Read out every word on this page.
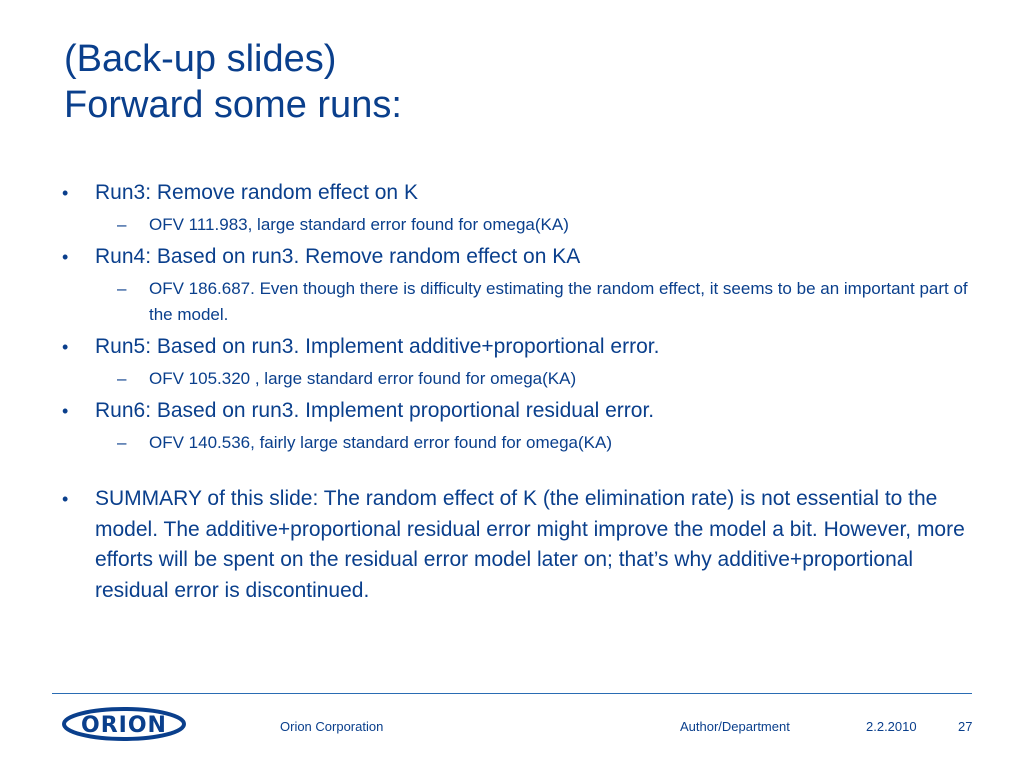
(Back-up slides)
Forward some runs:
• Run3: Remove random effect on K
– OFV 111.983, large standard error found for omega(KA)
• Run4: Based on run3. Remove random effect on KA
– OFV 186.687. Even though there is difficulty estimating the random effect, it seems to be an important part of the model.
• Run5: Based on run3. Implement additive+proportional error.
– OFV 105.320 , large standard error found for omega(KA)
• Run6: Based on run3. Implement proportional residual error.
– OFV 140.536, fairly large standard error found for omega(KA)
• SUMMARY of this slide: The random effect of K (the elimination rate) is not essential to the model. The additive+proportional residual error might improve the model a bit. However, more efforts will be spent on the residual error model later on; that’s why additive+proportional residual error is discontinued.
ORION	Orion Corporation	Author/Department	2.2.2010	27
